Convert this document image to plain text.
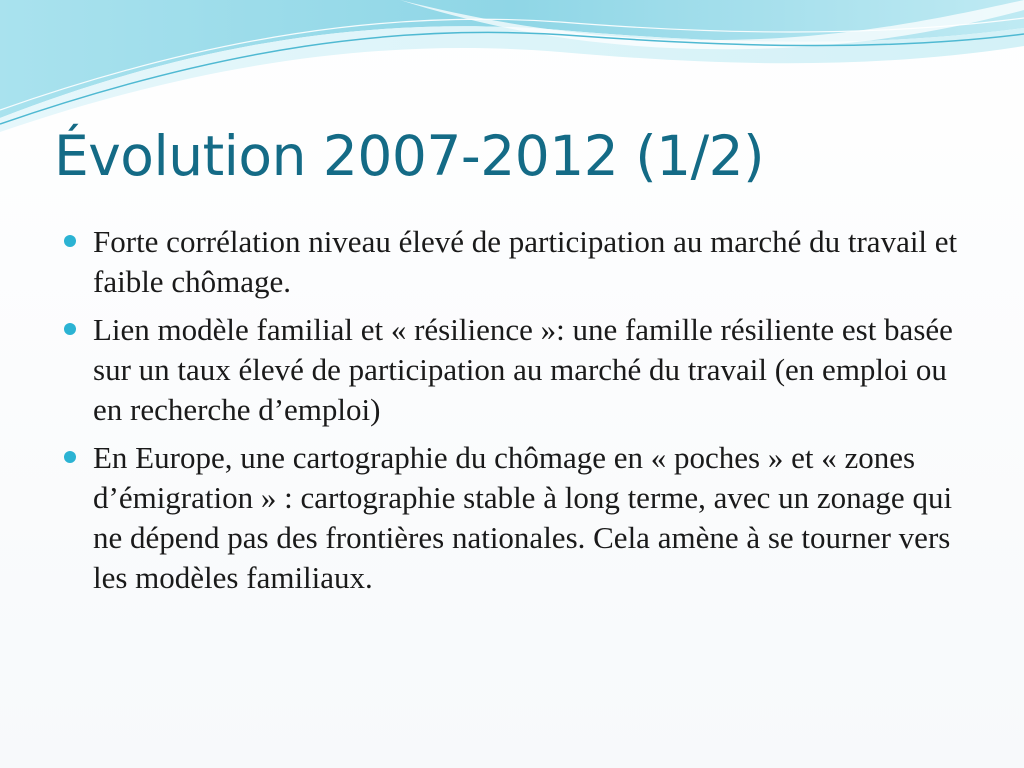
Évolution 2007-2012 (1/2)
Forte corrélation niveau élevé de participation au marché du travail et faible chômage.
Lien modèle familial et « résilience »: une famille résiliente est basée sur un taux élevé de participation au marché du travail (en emploi ou en recherche d’emploi)
En Europe, une cartographie du chômage en « poches » et « zones d’émigration » : cartographie stable à long terme, avec un zonage qui ne dépend pas des frontières nationales. Cela amène à se tourner vers les modèles familiaux.
